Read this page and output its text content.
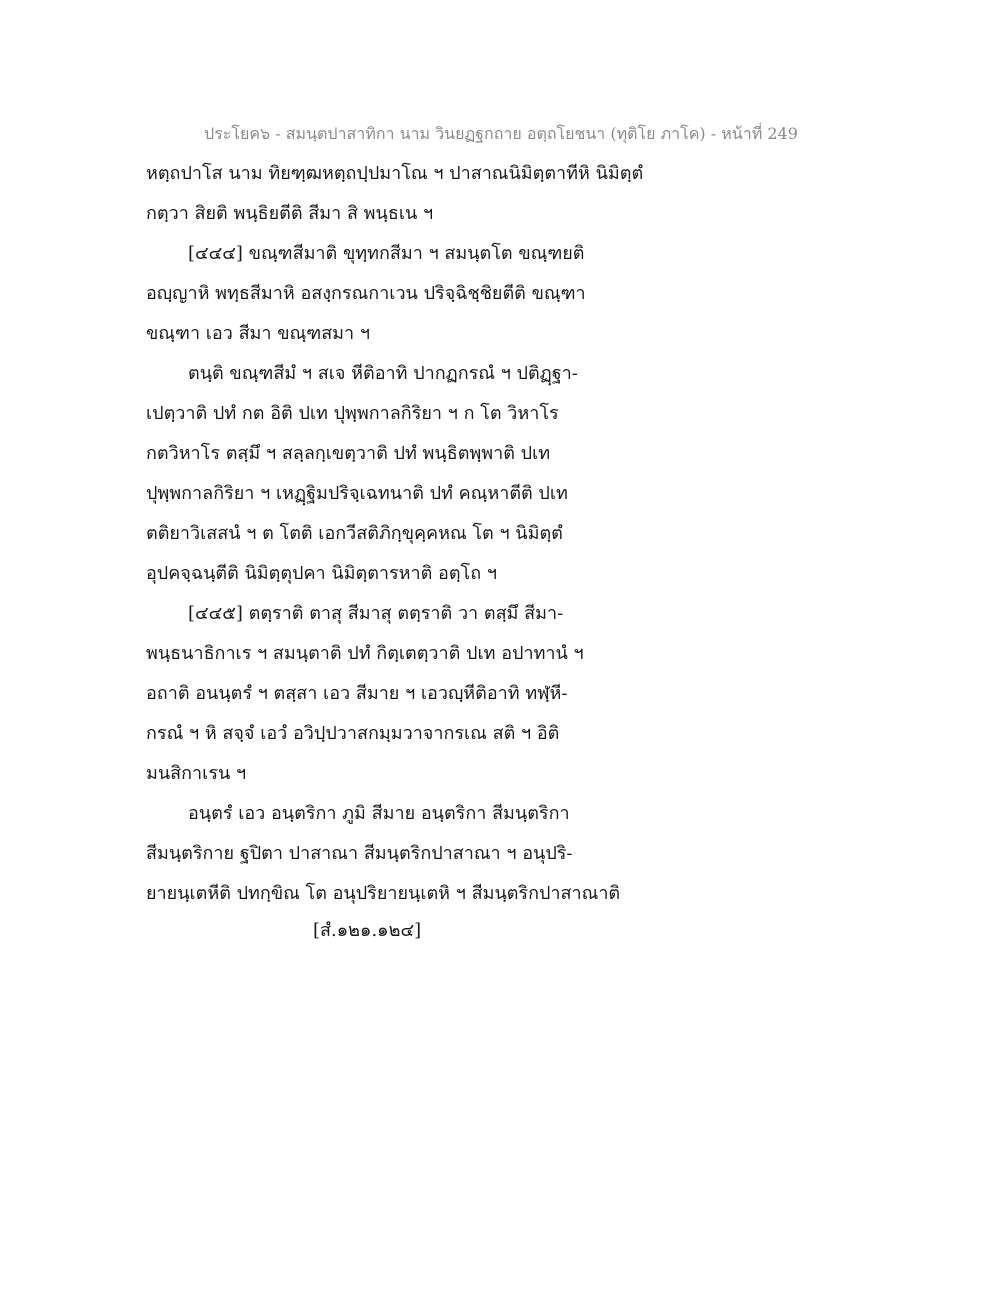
ประโยค๖ - สมนฺตปาสาทิกา นาม วินยฏฐกถาย อตฺถโยชนา (ทุติโย ภาโค) - หน้าที่ 249
หตฺถปาโส นาม ทิยฑฺฒหตฺถปฺปมาโณ ฯ ปาสาณนิมิตฺตาทีหิ นิมิตฺตํ
กตฺวา สิยติ พนฺธิยตีติ สีมา สิ พนฺธเน ฯ
[๔๔๔] ขณฺฑสีมาติ ขุทฺทกสีมา ฯ สมนฺตโต ขณฺฑยติ
อญฺญาหิ พทฺธสีมาหิ อสงฺกรณกาเวน ปริจฺฉิชฺชิยตีติ ขณฺฑา
ขณฺฑา เอว สีมา ขณฺฑสมา ฯ
ตนฺติ ขณฺฑสีมํ ฯ สเจ หีติอาทิ ปากฏกรณํ ฯ ปติฏฺฐา-
เปตฺวาติ ปทํ กต อิติ ปเท ปุพฺพกาลกิริยา ฯ ก โต วิหาโร
กตวิหาโร ตสฺมึ ฯ สลฺลกฺเขตฺวาติ ปทํ พนฺธิตพฺพาติ ปเท
ปุพฺพกาลกิริยา ฯ เหฏฺฐิมปริจฺเฉทนาติ ปทํ คณฺหาตีติ ปเท
ตติยาวิเสสนํ ฯ ต โตติ เอกวีสติภิกฺขุคฺคหณ โต ฯ นิมิตฺตํ
อุปคจฺฉนฺตีติ นิมิตฺตุปคา นิมิตฺตารหาติ อตฺโถ ฯ
[๔๔๕] ตตฺราติ ตาสุ สีมาสุ ตตฺราติ วา ตสฺมึ สีมา-
พนฺธนาธิกาเร ฯ สมนฺตาติ ปทํ กิตฺเตตฺวาติ ปเท อปาทานํ ฯ
อถาติ อนนฺตรํ ฯ ตสฺสา เอว สีมาย ฯ เอวญฺหีติอาทิ ทฬฺหี-
กรณํ ฯ หิ สจฺจํ เอวํ อวิปฺปวาสกมฺมวาจากรเณ สติ ฯ อิติ
มนสิกาเรน ฯ
อนฺตรํ เอว อนฺตริกา ภูมิ สีมาย อนฺตริกา สีมนฺตริกา
สีมนฺตริกาย ฐปิตา ปาสาณา สีมนฺตริกปาสาณา ฯ อนุปริ-
ยายนฺเตหีติ ปทกฺขิณ โต อนุปริยายนฺเตหิ ฯ สีมนฺตริกปาสาณาติ
[สํ.๑๒๑.๑๒๔]
